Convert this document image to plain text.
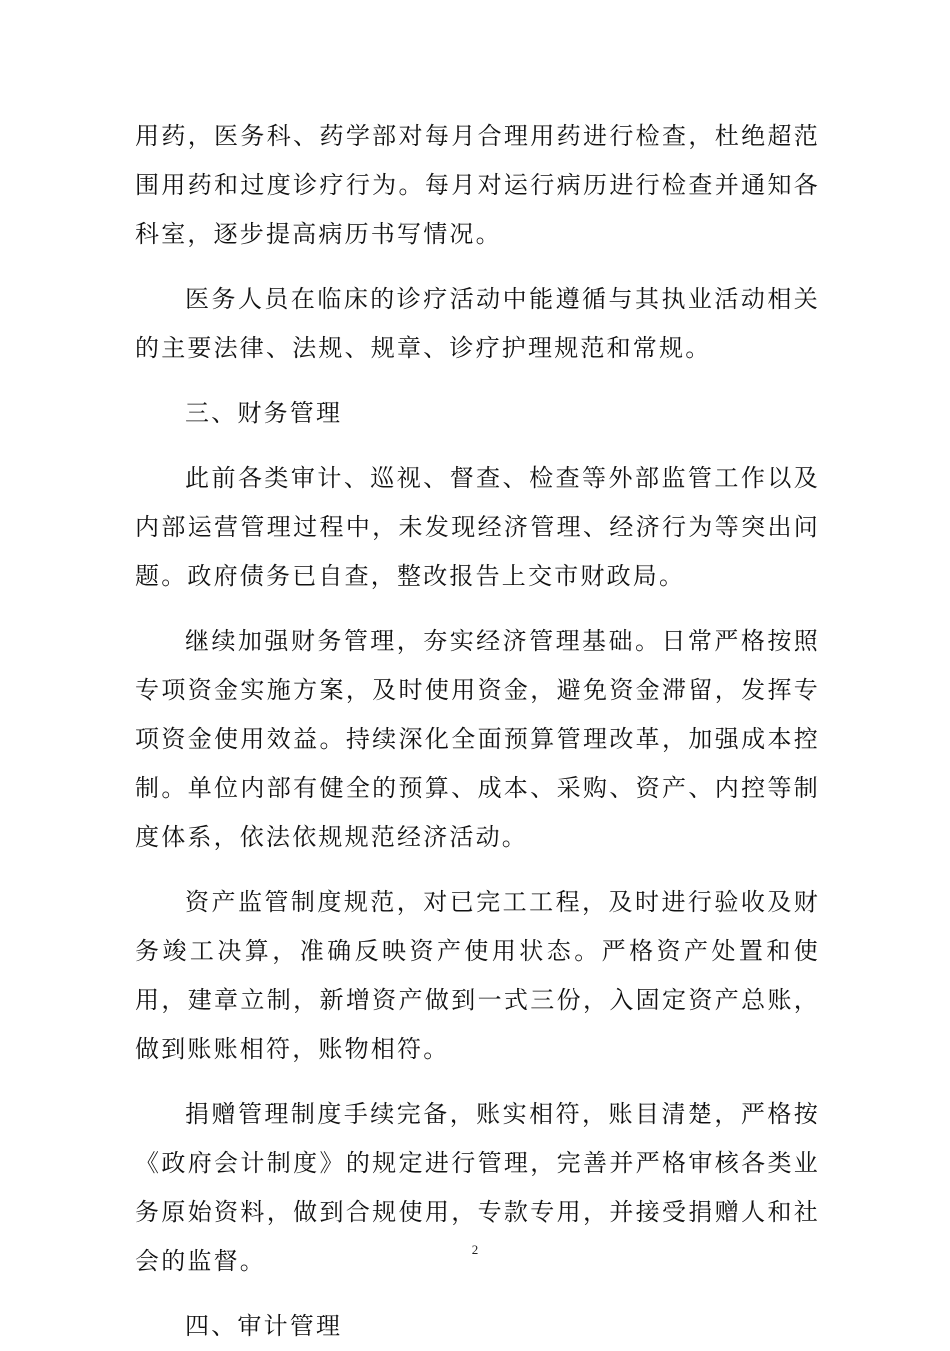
用药，医务科、药学部对每月合理用药进行检查，杜绝超范围用药和过度诊疗行为。每月对运行病历进行检查并通知各科室，逐步提高病历书写情况。

医务人员在临床的诊疗活动中能遵循与其执业活动相关的主要法律、法规、规章、诊疗护理规范和常规。

三、财务管理

此前各类审计、巡视、督查、检查等外部监管工作以及内部运营管理过程中，未发现经济管理、经济行为等突出问题。政府债务已自查，整改报告上交市财政局。

继续加强财务管理，夯实经济管理基础。日常严格按照专项资金实施方案，及时使用资金，避免资金滞留，发挥专项资金使用效益。持续深化全面预算管理改革，加强成本控制。单位内部有健全的预算、成本、采购、资产、内控等制度体系，依法依规规范经济活动。

资产监管制度规范，对已完工工程，及时进行验收及财务竣工决算，准确反映资产使用状态。严格资产处置和使用，建章立制，新增资产做到一式三份，入固定资产总账，做到账账相符，账物相符。

捐赠管理制度手续完备，账实相符，账目清楚，严格按《政府会计制度》的规定进行管理，完善并严格审核各类业务原始资料，做到合规使用，专款专用，并接受捐赠人和社会的监督。

四、审计管理

2
